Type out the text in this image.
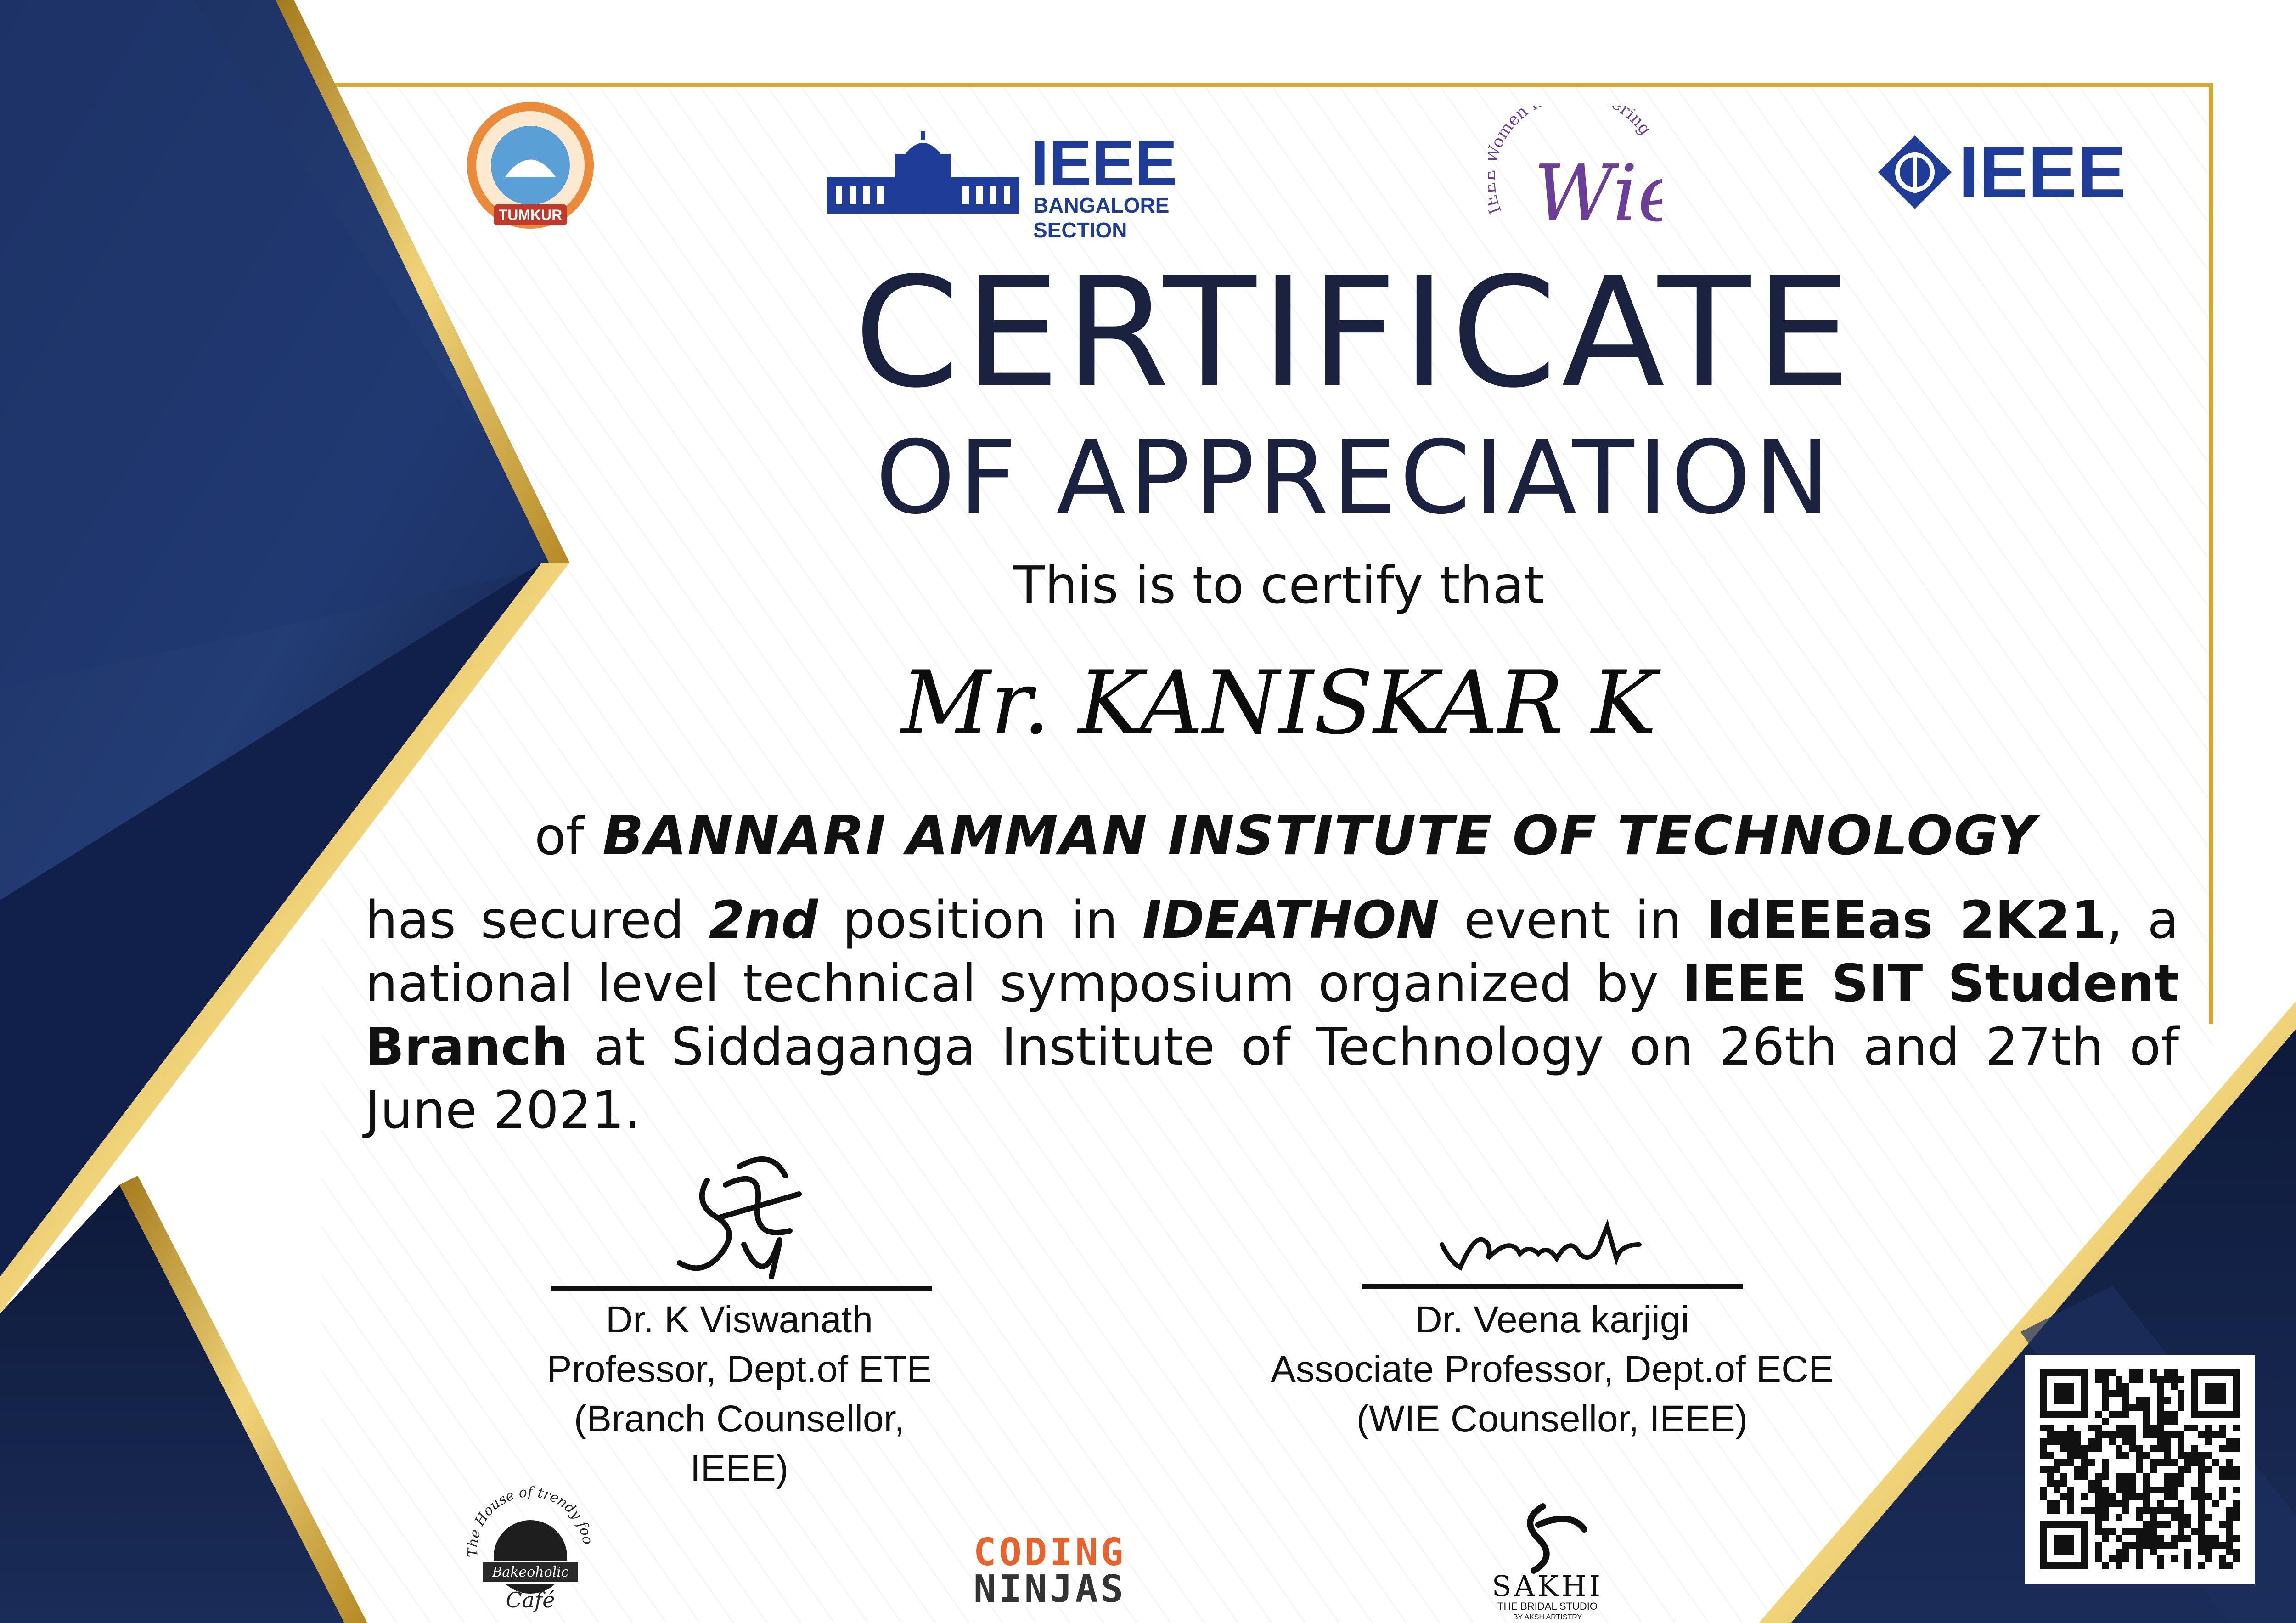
TUMKUR
IEEE
BANGALORE SECTION
omen ring
Wi	IEEE
CERTIFICATE
OF APPRECIATION
This is to certify that
Mr. KANISKAR K
of BANNARI AMMAN INSTITUTE OF TECHNOLOGY
has secured 2nd position in IDEATHON event in IdEEEas 2K21, a national level technical symposium organized by IEEE SIT Student Branch at Siddaganga Institute of Technology on 26th and 27th of June 2021.
Dr. K Viswanath
Professor, Dept.of ETE
(Branch Counsellor, IEEE)
Dr. Veena karjigi
Associate Professor, Dept.of ECE
(WIE Counsellor, IEEE)
The House of trendy foo
Bakeoholic
Café
CODING
NINJAS	SAKHI
THE BRIDAL STUDIO
BY AKSH ARTISTRY
